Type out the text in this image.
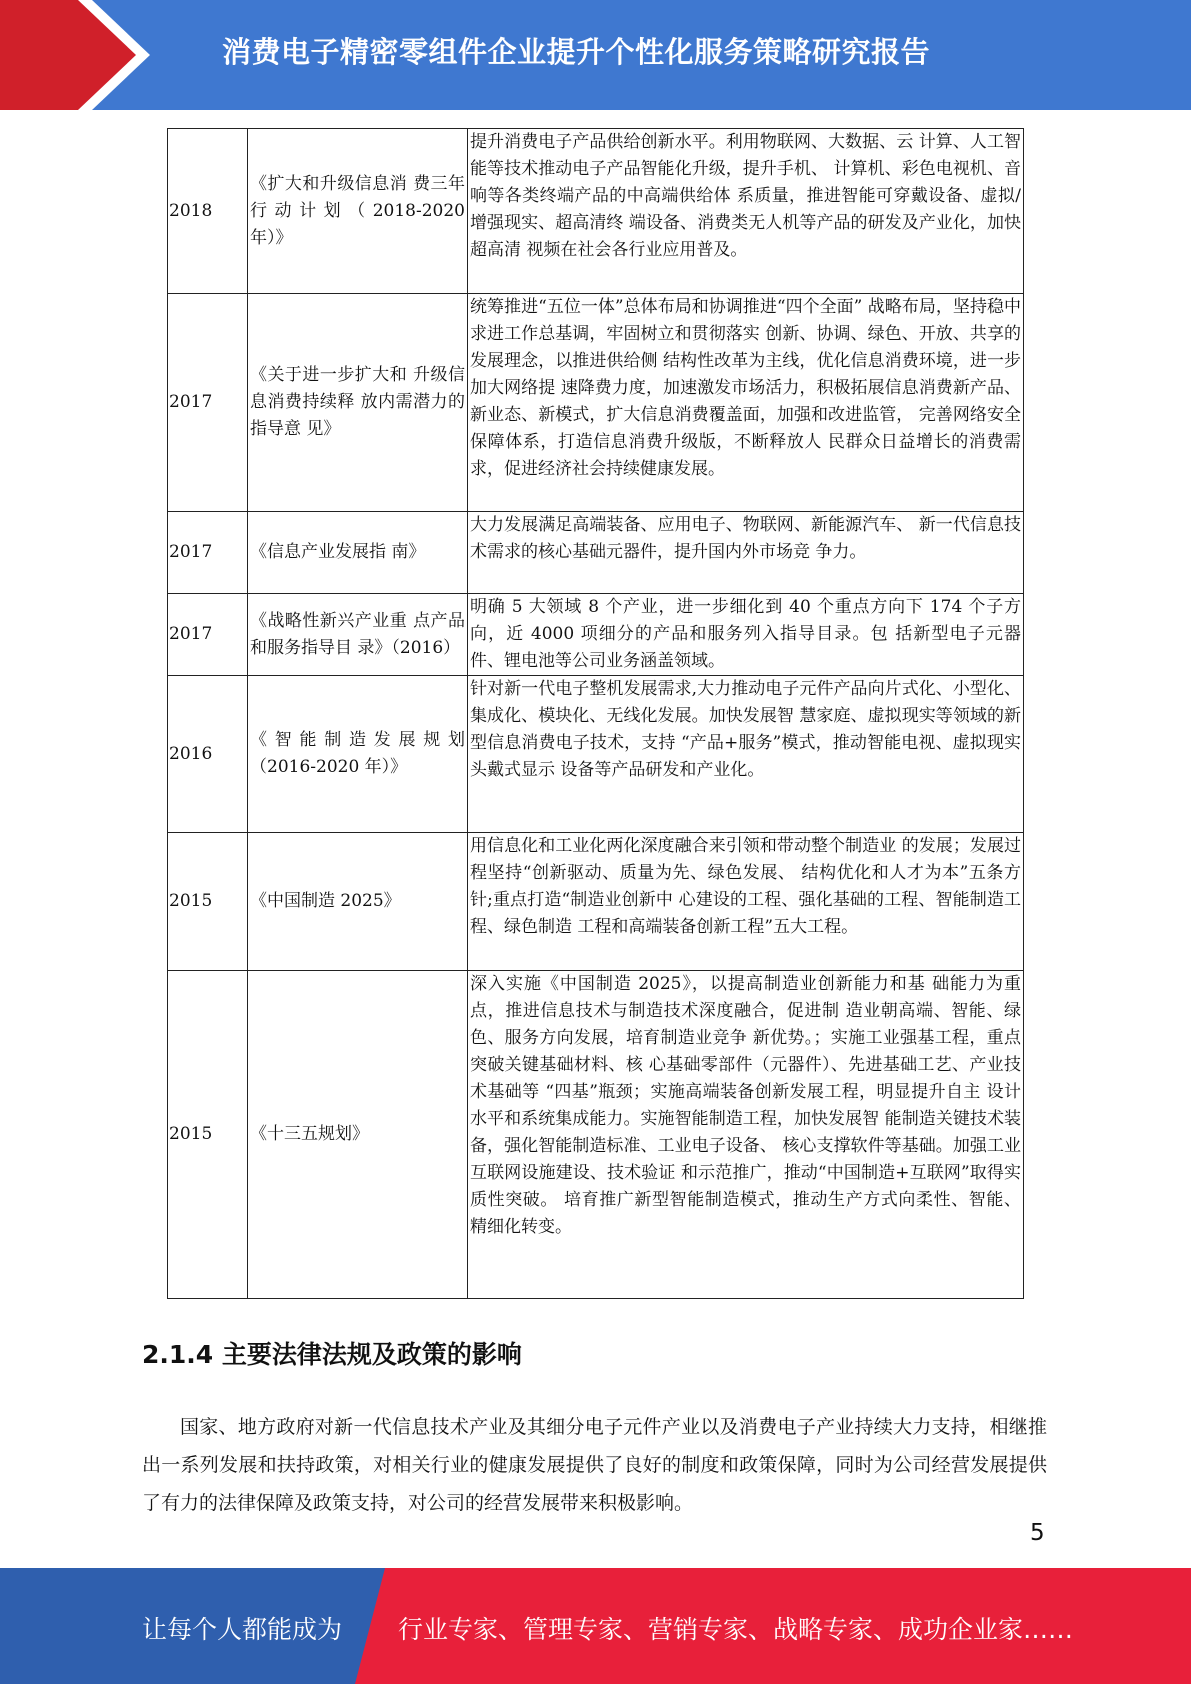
消费电子精密零组件企业提升个性化服务策略研究报告
2018	《扩大和升级信息消 费三年行动计划（2018-2020 年）》	提升消费电子产品供给创新水平。利用物联网、大数据、云 计算、人工智能等技术推动电子产品智能化升级，提升手机、 计算机、彩色电视机、音响等各类终端产品的中高端供给体 系质量，推进智能可穿戴设备、虚拟/增强现实、超高清终 端设备、消费类无人机等产品的研发及产业化，加快超高清 视频在社会各行业应用普及。
2017	《关于进一步扩大和 升级信息消费持续释 放内需潜力的指导意 见》	统筹推进“五位一体”总体布局和协调推进“四个全面” 战略布局，坚持稳中求进工作总基调，牢固树立和贯彻落实 创新、协调、绿色、开放、共享的发展理念，以推进供给侧 结构性改革为主线，优化信息消费环境，进一步加大网络提 速降费力度，加速激发市场活力，积极拓展信息消费新产品、 新业态、新模式，扩大信息消费覆盖面，加强和改进监管， 完善网络安全保障体系，打造信息消费升级版，不断释放人 民群众日益增长的消费需求，促进经济社会持续健康发展。
2017	《信息产业发展指 南》	大力发展满足高端装备、应用电子、物联网、新能源汽车、 新一代信息技术需求的核心基础元器件，提升国内外市场竞 争力。
2017	《战略性新兴产业重 点产品和服务指导目 录》（2016）	明确 5 大领域 8 个产业，进一步细化到 40 个重点方向下 174 个子方向，近 4000 项细分的产品和服务列入指导目录。包 括新型电子元器件、锂电池等公司业务涵盖领域。
2016	《智能制造发展规划（2016-2020 年）》	针对新一代电子整机发展需求,大力推动电子元件产品向片式化、小型化、集成化、模块化、无线化发展。加快发展智 慧家庭、虚拟现实等领域的新型信息消费电子技术，支持 “产品+服务”模式，推动智能电视、虚拟现实头戴式显示 设备等产品研发和产业化。
2015	《中国制造 2025》	用信息化和工业化两化深度融合来引领和带动整个制造业 的发展；发展过程坚持“创新驱动、质量为先、绿色发展、 结构优化和人才为本”五条方针;重点打造“制造业创新中 心建设的工程、强化基础的工程、智能制造工程、绿色制造 工程和高端装备创新工程”五大工程。
2015	《十三五规划》	深入实施《中国制造 2025》，以提高制造业创新能力和基 础能力为重点，推进信息技术与制造技术深度融合，促进制 造业朝高端、智能、绿色、服务方向发展，培育制造业竞争 新优势。；实施工业强基工程，重点突破关键基础材料、核 心基础零部件（元器件）、先进基础工艺、产业技术基础等 “四基”瓶颈；实施高端装备创新发展工程，明显提升自主 设计水平和系统集成能力。实施智能制造工程，加快发展智 能制造关键技术装备，强化智能制造标准、工业电子设备、 核心支撑软件等基础。加强工业互联网设施建设、技术验证 和示范推广，推动“中国制造+互联网”取得实质性突破。 培育推广新型智能制造模式，推动生产方式向柔性、智能、 精细化转变。
2.1.4 主要法律法规及政策的影响
国家、地方政府对新一代信息技术产业及其细分电子元件产业以及消费电子产业持续大力支持，相继推出一系列发展和扶持政策，对相关行业的健康发展提供了良好的制度和政策保障，同时为公司经营发展提供了有力的法律保障及政策支持，对公司的经营发展带来积极影响。
5
让每个人都能成为 行业专家、管理专家、营销专家、战略专家、成功企业家……
